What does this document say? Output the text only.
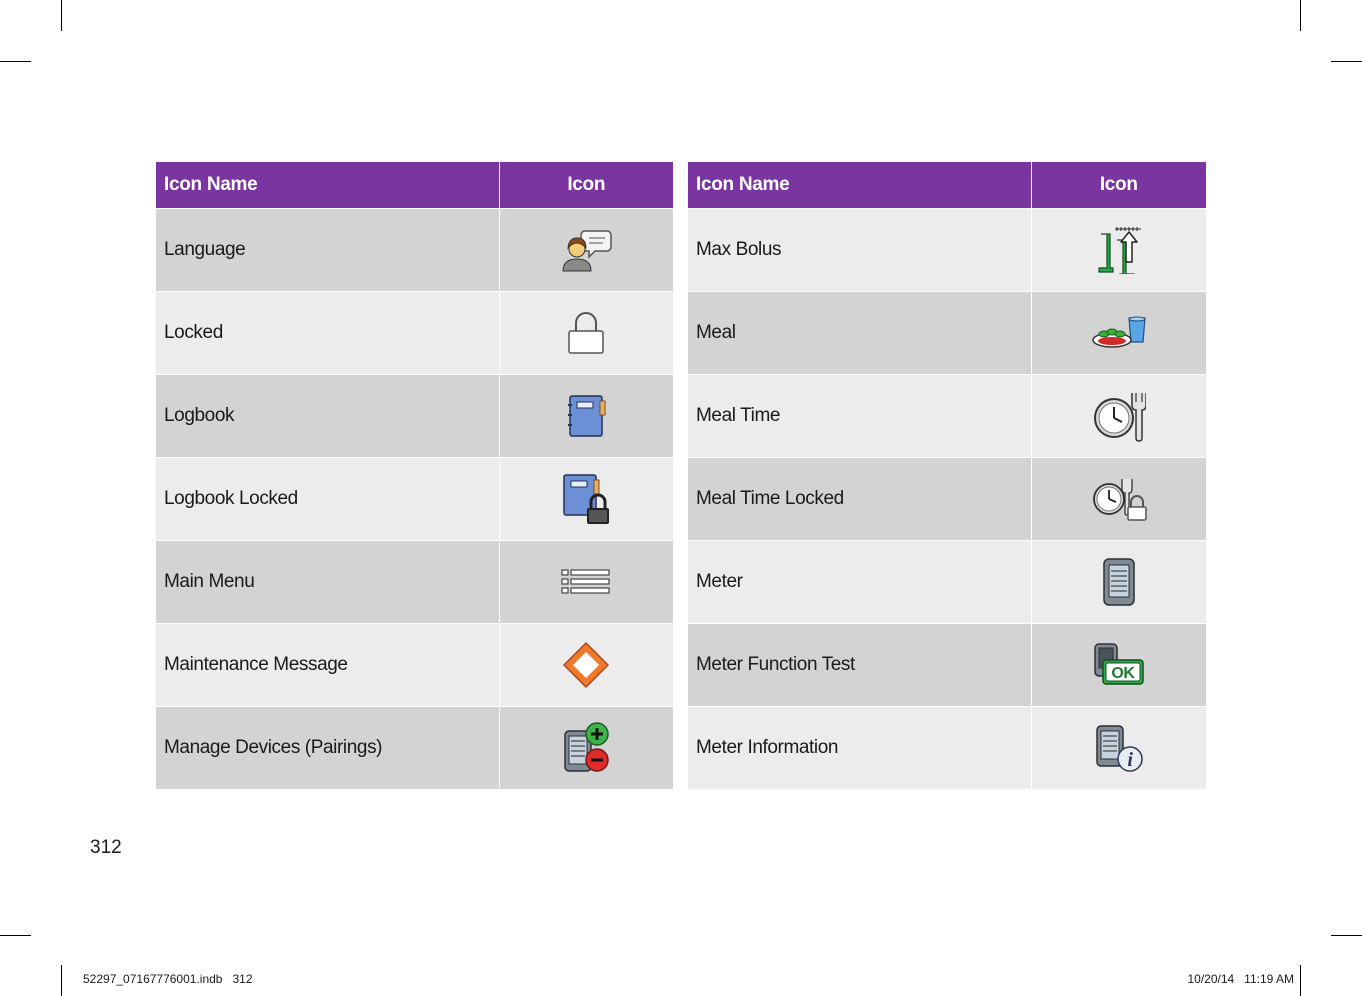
Icon Name	Icon
Language	

Locked	

Logbook	

Logbook Locked	

Main Menu	

Maintenance Message	

Manage Devices (Pairings)	
Icon Name	Icon
Max Bolus	

Meal	

Meal Time	

Meal Time Locked	

Meter	

Meter Function Test	OK

Meter Information	i
312
52297_07167776001.indb   312	10/20/14   11:19 AM
